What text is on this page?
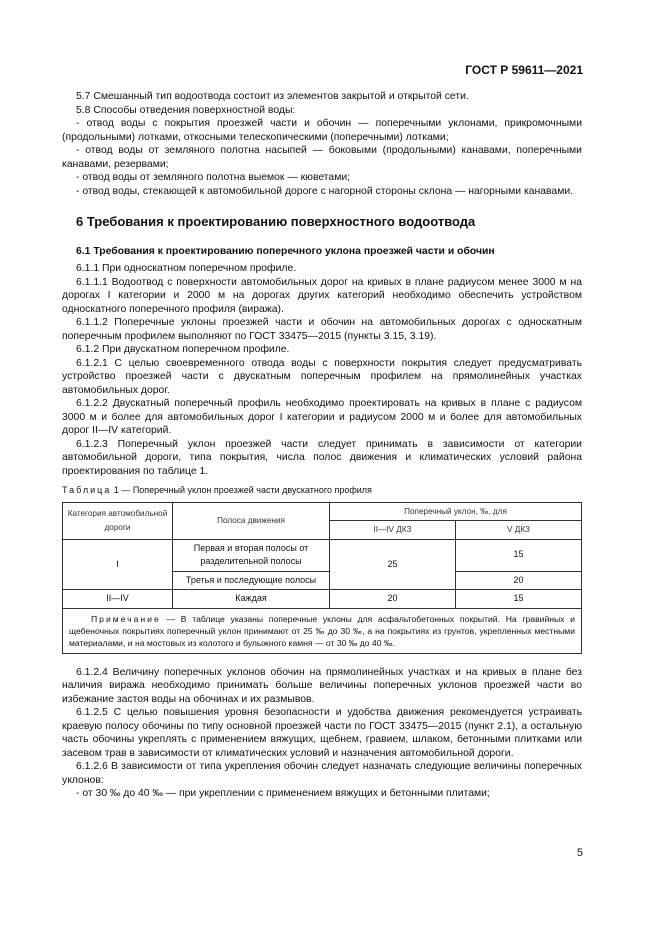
ГОСТ Р 59611—2021

5.7 Смешанный тип водоотвода состоит из элементов закрытой и открытой сети.

5.8 Способы отведения поверхностной воды:

- отвод воды с покрытия проезжей части и обочин — поперечными уклонами, прикромочными (продольными) лотками, откосными телескопическими (поперечными) лотками;

- отвод воды от земляного полотна насыпей — боковыми (продольными) канавами, поперечными канавами, резервами;

- отвод воды от земляного полотна выемок — кюветами;

- отвод воды, стекающей к автомобильной дороге с нагорной стороны склона — нагорными канавами.

6 Требования к проектированию поверхностного водоотвода

6.1 Требования к проектированию поперечного уклона проезжей части и обочин

6.1.1 При односкатном поперечном профиле.

6.1.1.1 Водоотвод с поверхности автомобильных дорог на кривых в плане радиусом менее 3000 м на дорогах I категории и 2000 м на дорогах других категорий необходимо обеспечить устройством односкатного поперечного профиля (виража).

6.1.1.2 Поперечные уклоны проезжей части и обочин на автомобильных дорогах с односкатным поперечным профилем выполняют по ГОСТ 33475—2015 (пункты 3.15, 3.19).

6.1.2 При двускатном поперечном профиле.

6.1.2.1 С целью своевременного отвода воды с поверхности покрытия следует предусматривать устройство проезжей части с двускатным поперечным профилем на прямолинейных участках автомобильных дорог.

6.1.2.2 Двускатный поперечный профиль необходимо проектировать на кривых в плане с радиусом 3000 м и более для автомобильных дорог I категории и радиусом 2000 м и более для автомобильных дорог II—IV категорий.

6.1.2.3 Поперечный уклон проезжей части следует принимать в зависимости от категории автомобильной дороги, типа покрытия, числа полос движения и климатических условий района проектирования по таблице 1.

Таблица 1 — Поперечный уклон проезжей части двускатного профиля

Категория автомобильной дороги	Полоса движения	Поперечный уклон, ‰, для	
		II—IV ДКЗ	V ДКЗ
I	Первая и вторая полосы от разделительной полосы	25	15
	Третья и последующие полосы		20
II—IV	Каждая	20	15
Примечание — В таблице указаны поперечные уклоны для асфальтобетонных покрытий. На гравийных и щебеночных покрытиях поперечный уклон принимают от 25 ‰ до 30 ‰, а на покрытиях из грунтов, укрепленных местными материалами, и на мостовых из колотого и булыжного камня — от 30 ‰ до 40 ‰.			

6.1.2.4 Величину поперечных уклонов обочин на прямолинейных участках и на кривых в плане без наличия виража необходимо принимать больше величины поперечных уклонов проезжей части во избежание застоя воды на обочинах и их размывов.

6.1.2.5 С целью повышения уровня безопасности и удобства движения рекомендуется устраивать краевую полосу обочины по типу основной проезжей части по ГОСТ 33475—2015 (пункт 2.1), а остальную часть обочины укреплять с применением вяжущих, щебнем, гравием, шлаком, бетонными плитками или засевом трав в зависимости от климатических условий и назначения автомобильной дороги.

6.1.2.6 В зависимости от типа укрепления обочин следует назначать следующие величины поперечных уклонов:

- от 30 ‰ до 40 ‰ — при укреплении с применением вяжущих и бетонными плитами;

5
